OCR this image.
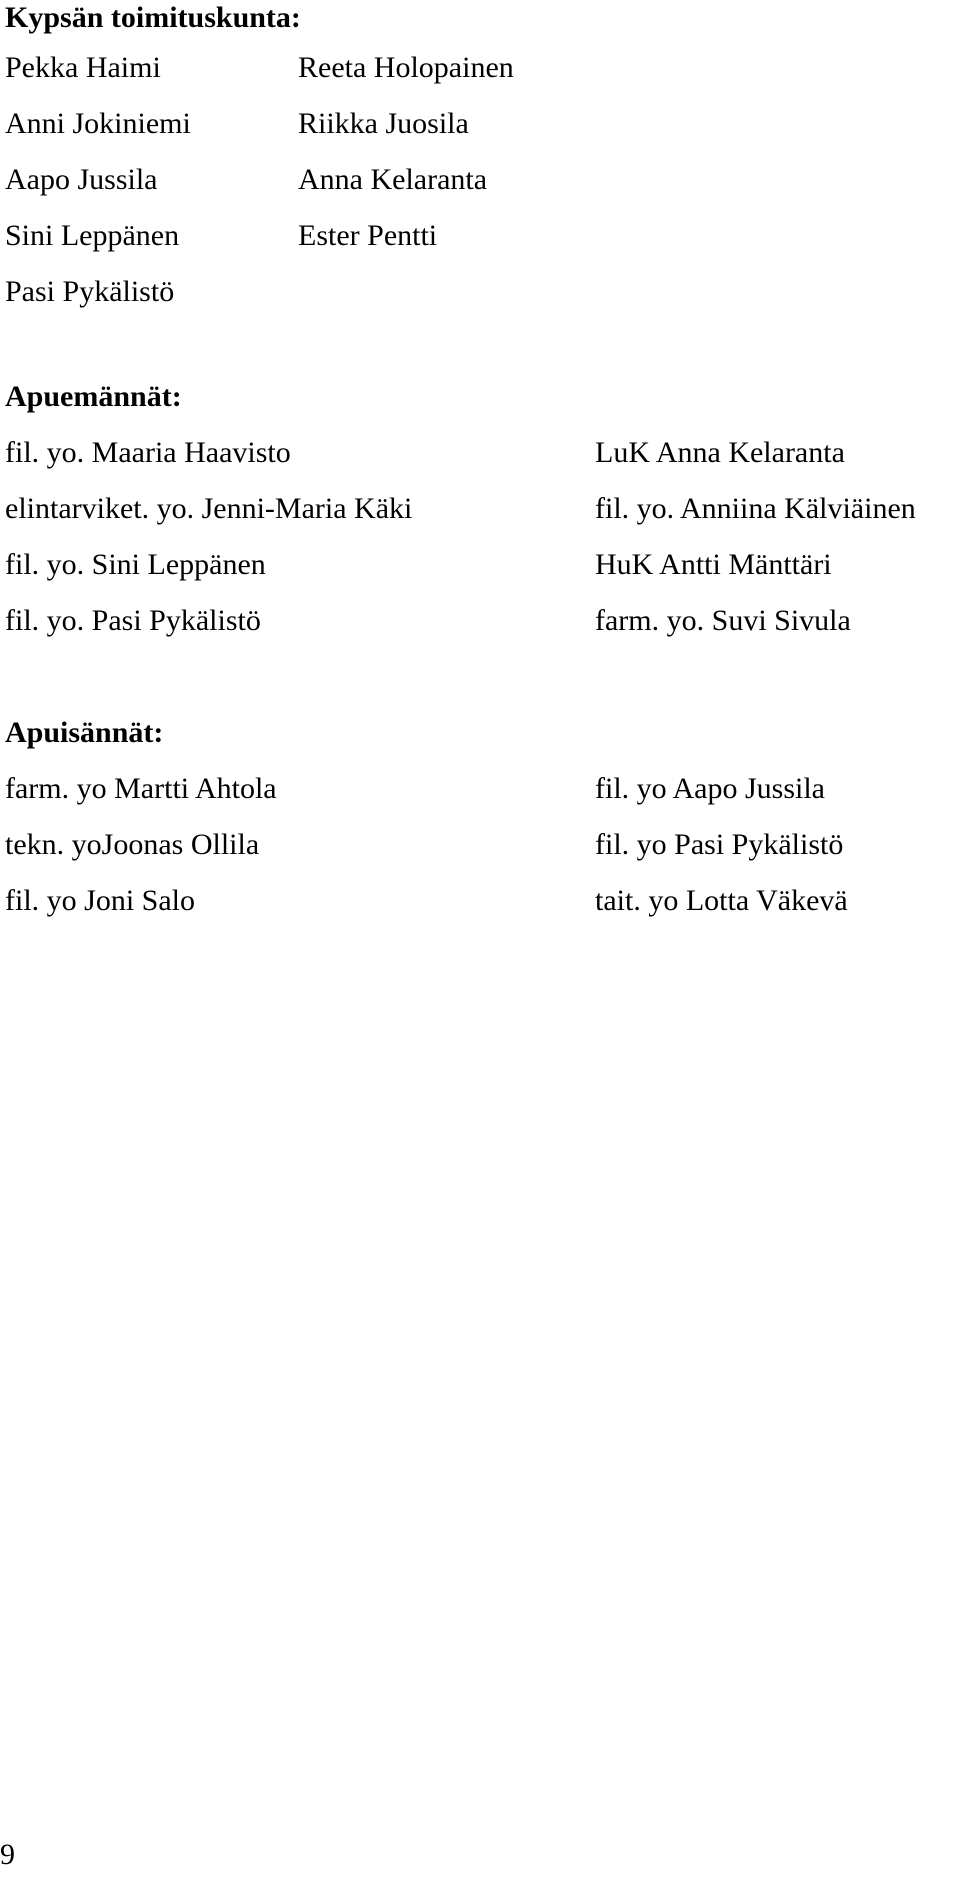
Kypsän toimituskunta:
Pekka Haimi
Anni Jokiniemi
Aapo Jussila
Sini Leppänen
Pasi Pykälistö
Reeta Holopainen
Riikka Juosila
Anna Kelaranta
Ester Pentti
Apuemännät:
fil. yo. Maaria Haavisto
elintarviket. yo. Jenni-Maria Käki
fil. yo. Sini Leppänen
fil. yo. Pasi Pykälistö
LuK Anna Kelaranta
fil. yo. Anniina Kälviäinen
HuK Antti Mänttäri
farm. yo. Suvi Sivula
Apuisännät:
farm. yo Martti Ahtola
tekn. yoJoonas Ollila
fil. yo Joni Salo
fil. yo Aapo Jussila
fil. yo Pasi Pykälistö
tait. yo Lotta Väkevä
9
